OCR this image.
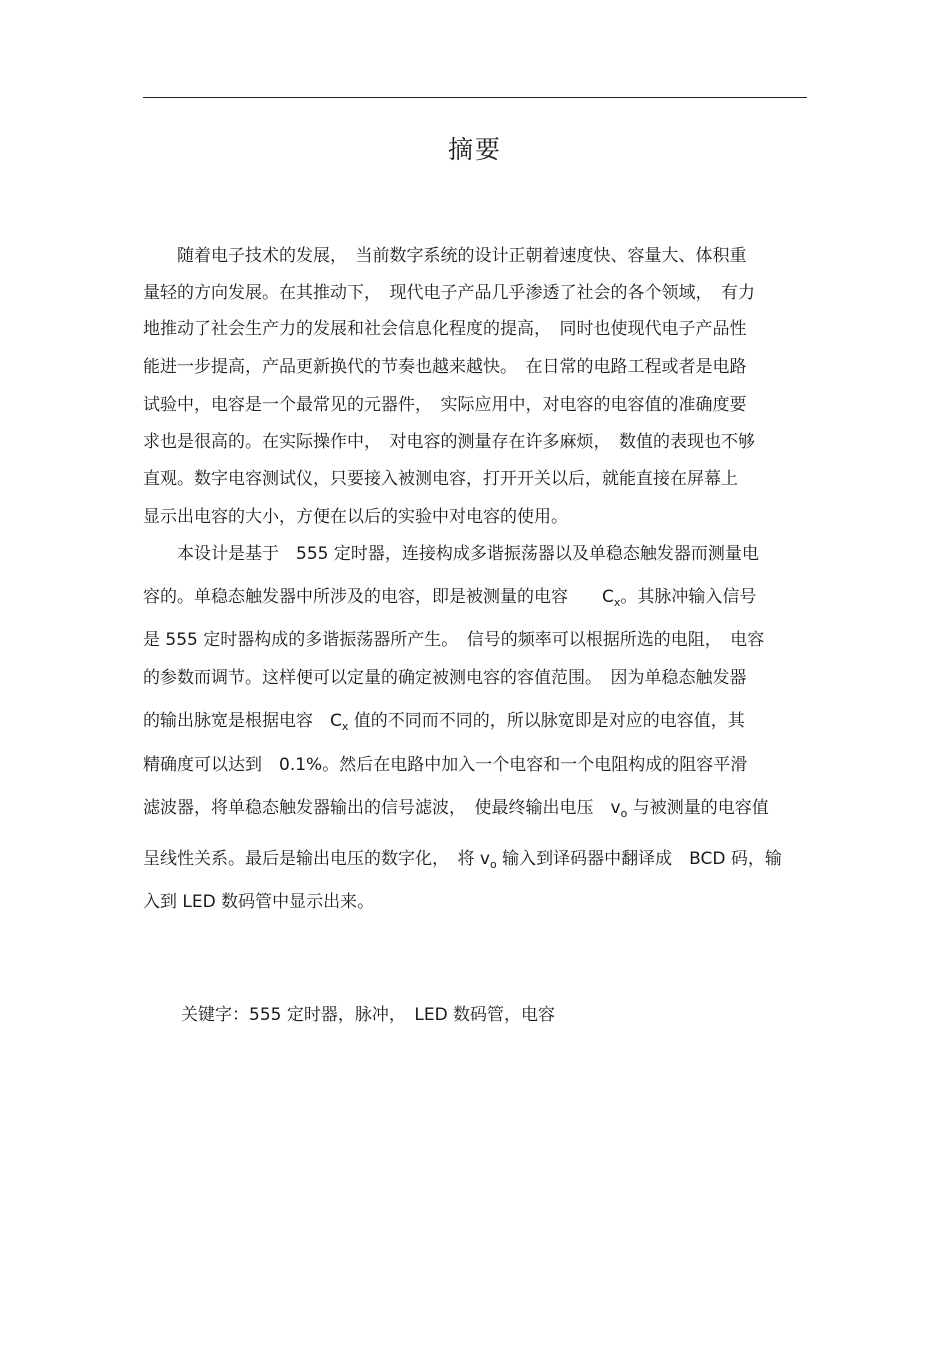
摘要
　　随着电子技术的发展，　当前数字系统的设计正朝着速度快、容量大、体积重
量轻的方向发展。在其推动下，　现代电子产品几乎渗透了社会的各个领域，　有力
地推动了社会生产力的发展和社会信息化程度的提高，　同时也使现代电子产品性
能进一步提高，产品更新换代的节奏也越来越快。　在日常的电路工程或者是电路
试验中，电容是一个最常见的元器件，　实际应用中，对电容的电容值的准确度要
求也是很高的。在实际操作中，　对电容的测量存在许多麻烦，　数值的表现也不够
直观。数字电容测试仪，只要接入被测电容，打开开关以后，就能直接在屏幕上
显示出电容的大小，方便在以后的实验中对电容的使用。
　　本设计是基于　555 定时器，连接构成多谐振荡器以及单稳态触发器而测量电
容的。单稳态触发器中所涉及的电容，即是被测量的电容　　$C_x$。其脉冲输入信号
是 555 定时器构成的多谐振荡器所产生。　信号的频率可以根据所选的电阻，　电容
的参数而调节。这样便可以定量的确定被测电容的容值范围。　因为单稳态触发器
的输出脉宽是根据电容　$C_x$ 值的不同而不同的，所以脉宽即是对应的电容值，其
精确度可以达到　0.1%。然后在电路中加入一个电容和一个电阻构成的阻容平滑
滤波器，将单稳态触发器输出的信号滤波，　使最终输出电压　$v_o$ 与被测量的电容值
呈线性关系。最后是输出电压的数字化，　将 $v_o$ 输入到译码器中翻译成　BCD 码，输
入到 LED 数码管中显示出来。
关键字：555 定时器，脉冲，　LED 数码管，电容
